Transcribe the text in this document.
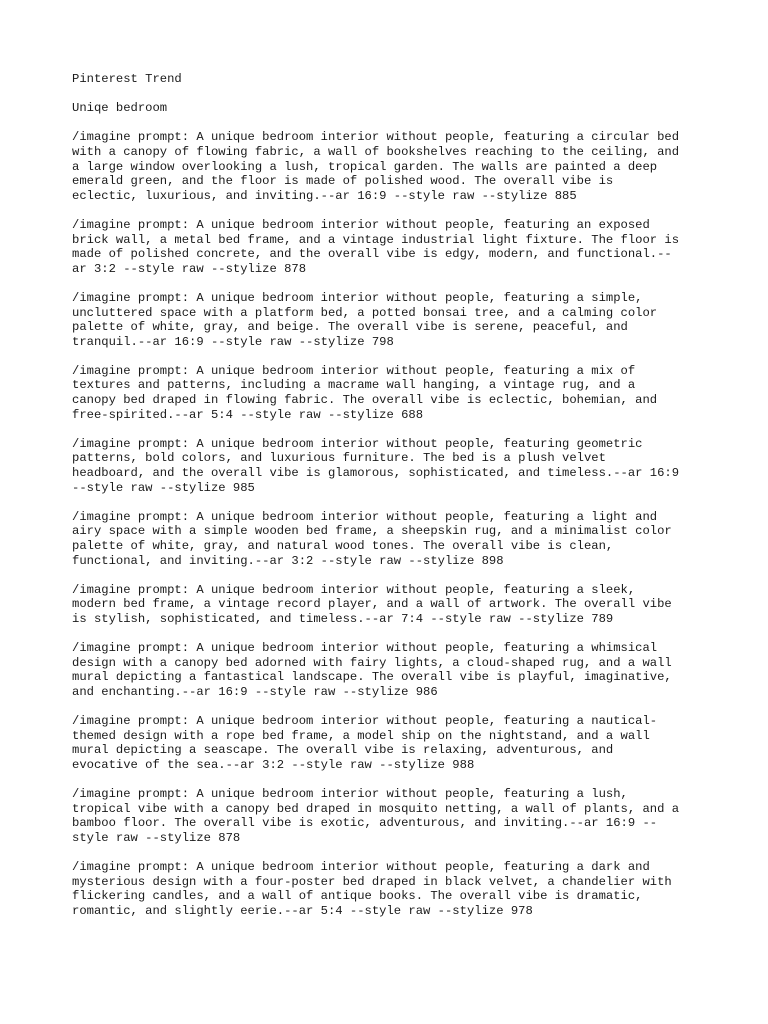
Pinterest Trend
Uniqe bedroom
/imagine prompt: A unique bedroom interior without people, featuring a circular bed
with a canopy of flowing fabric, a wall of bookshelves reaching to the ceiling, and
a large window overlooking a lush, tropical garden. The walls are painted a deep
emerald green, and the floor is made of polished wood. The overall vibe is
eclectic, luxurious, and inviting.--ar 16:9 --style raw --stylize 885
/imagine prompt: A unique bedroom interior without people, featuring an exposed
brick wall, a metal bed frame, and a vintage industrial light fixture. The floor is
made of polished concrete, and the overall vibe is edgy, modern, and functional.--
ar 3:2 --style raw --stylize 878
/imagine prompt: A unique bedroom interior without people, featuring a simple,
uncluttered space with a platform bed, a potted bonsai tree, and a calming color
palette of white, gray, and beige. The overall vibe is serene, peaceful, and
tranquil.--ar 16:9 --style raw --stylize 798
/imagine prompt: A unique bedroom interior without people, featuring a mix of
textures and patterns, including a macrame wall hanging, a vintage rug, and a
canopy bed draped in flowing fabric. The overall vibe is eclectic, bohemian, and
free-spirited.--ar 5:4 --style raw --stylize 688
/imagine prompt: A unique bedroom interior without people, featuring geometric
patterns, bold colors, and luxurious furniture. The bed is a plush velvet
headboard, and the overall vibe is glamorous, sophisticated, and timeless.--ar 16:9
--style raw --stylize 985
/imagine prompt: A unique bedroom interior without people, featuring a light and
airy space with a simple wooden bed frame, a sheepskin rug, and a minimalist color
palette of white, gray, and natural wood tones. The overall vibe is clean,
functional, and inviting.--ar 3:2 --style raw --stylize 898
/imagine prompt: A unique bedroom interior without people, featuring a sleek,
modern bed frame, a vintage record player, and a wall of artwork. The overall vibe
is stylish, sophisticated, and timeless.--ar 7:4 --style raw --stylize 789
/imagine prompt: A unique bedroom interior without people, featuring a whimsical
design with a canopy bed adorned with fairy lights, a cloud-shaped rug, and a wall
mural depicting a fantastical landscape. The overall vibe is playful, imaginative,
and enchanting.--ar 16:9 --style raw --stylize 986
/imagine prompt: A unique bedroom interior without people, featuring a nautical-
themed design with a rope bed frame, a model ship on the nightstand, and a wall
mural depicting a seascape. The overall vibe is relaxing, adventurous, and
evocative of the sea.--ar 3:2 --style raw --stylize 988
/imagine prompt: A unique bedroom interior without people, featuring a lush,
tropical vibe with a canopy bed draped in mosquito netting, a wall of plants, and a
bamboo floor. The overall vibe is exotic, adventurous, and inviting.--ar 16:9 --
style raw --stylize 878
/imagine prompt: A unique bedroom interior without people, featuring a dark and
mysterious design with a four-poster bed draped in black velvet, a chandelier with
flickering candles, and a wall of antique books. The overall vibe is dramatic,
romantic, and slightly eerie.--ar 5:4 --style raw --stylize 978
